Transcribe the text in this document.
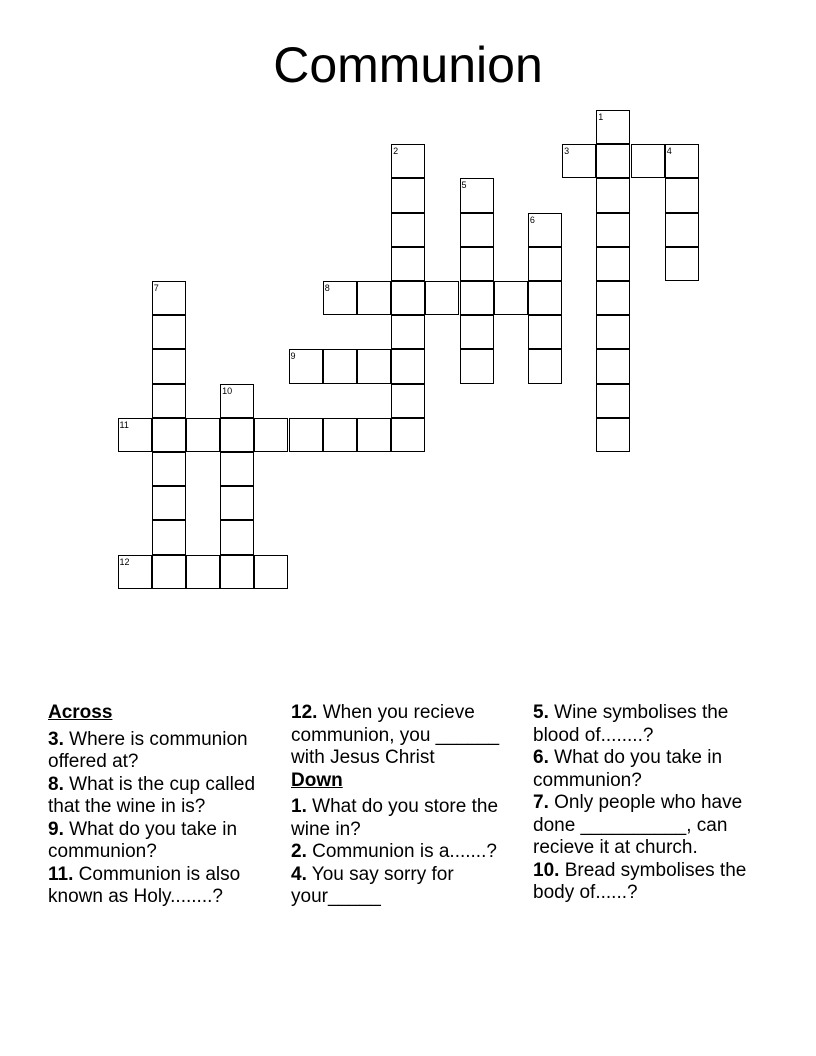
Communion
1
2	3	4
5
6
7	8
9
10
11
12
Across
3. Where is communion offered at?
8. What is the cup called that the wine in is?
9. What do you take in communion?
11. Communion is also known as Holy........?
12. When you recieve communion, you ______ with Jesus Christ
Down
1. What do you store the wine in?
2. Communion is a.......?
4. You say sorry for your_____
5. Wine symbolises the blood of........?
6. What do you take in communion?
7. Only people who have done __________, can recieve it at church.
10. Bread symbolises the body of......?
